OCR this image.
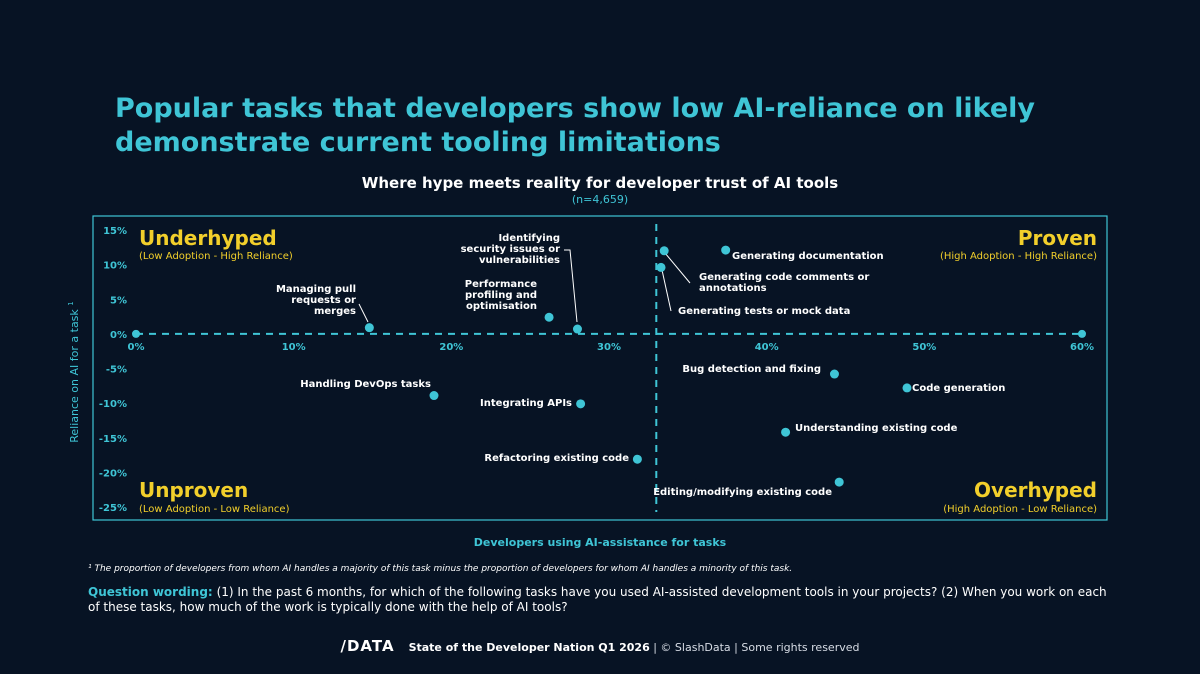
Popular tasks that developers show low AI-reliance on likely demonstrate current tooling limitations
Where hype meets reality for developer trust of AI tools
(n=4,659)
0%	10%	20%	30%	40%	50%	60%
15%
10%
5%
0%
-5%
-10%
-15%
-20%
-25%
Underhyped
(Low Adoption - High Reliance)
Proven
(High Adoption - High Reliance)
Unproven
(Low Adoption - Low Reliance)
Overhyped
(High Adoption - Low Reliance)
Managing pull requests or merges
Performance profiling and optimisation
Identifying security issues or vulnerabilities	Generating documentation
Generating code comments or annotations
Generating tests or mock data
Handling DevOps tasks
Integrating APIs
Refactoring existing code
Bug detection and fixing
Code generation
Understanding existing code
Editing/modifying existing code
Reliance on AI for a task $^1$
Developers using AI-assistance for tasks
¹ The proportion of developers from whom AI handles a majority of this task minus the proportion of developers for whom AI handles a minority of this task.
Question wording: (1) In the past 6 months, for which of the following tasks have you used AI-assisted development tools in your projects? (2) When you work on each of these tasks, how much of the work is typically done with the help of AI tools?
/DATA State of the Developer Nation Q1 2026 | © SlashData | Some rights reserved
